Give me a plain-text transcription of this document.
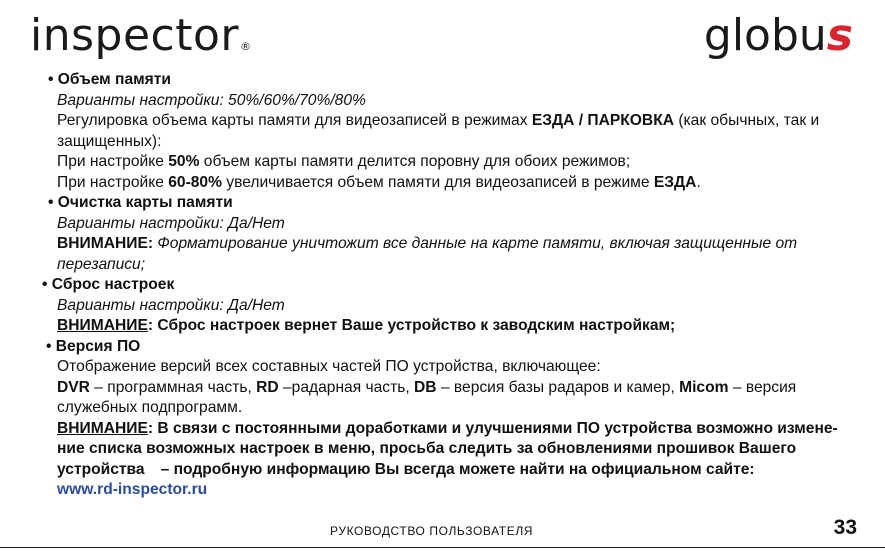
inspector®	globus
• Объем памяти
Варианты настройки: 50%/60%/70%/80%
Регулировка объема карты памяти для видеозаписей в режимах ЕЗДА / ПАРКОВКА (как обычных, так и
защищенных):
При настройке 50% объем карты памяти делится поровну для обоих режимов;
При настройке 60-80% увеличивается объем памяти для видеозаписей в режиме ЕЗДА.
• Очистка карты памяти
Варианты настройки: Да/Нет
ВНИМАНИЕ: Форматирование уничтожит все данные на карте памяти, включая защищенные от
перезаписи;
• Сброс настроек
Варианты настройки: Да/Нет
ВНИМАНИЕ: Сброс настроек вернет Ваше устройство к заводским настройкам;
• Версия ПО
Отображение версий всех составных частей ПО устройства, включающее:
DVR – программная часть, RD –радарная часть, DB – версия базы радаров и камер, Micom – версия
служебных подпрограмм.
ВНИМАНИЕ: В связи с постоянными доработками и улучшениями ПО устройства возможно измене-
ние списка возможных настроек в меню, просьба следить за обновлениями прошивок Вашего
устройства – подробную информацию Вы всегда можете найти на официальном сайте:
www.rd-inspector.ru
РУКОВОДСТВО ПОЛЬЗОВАТЕЛЯ	33
